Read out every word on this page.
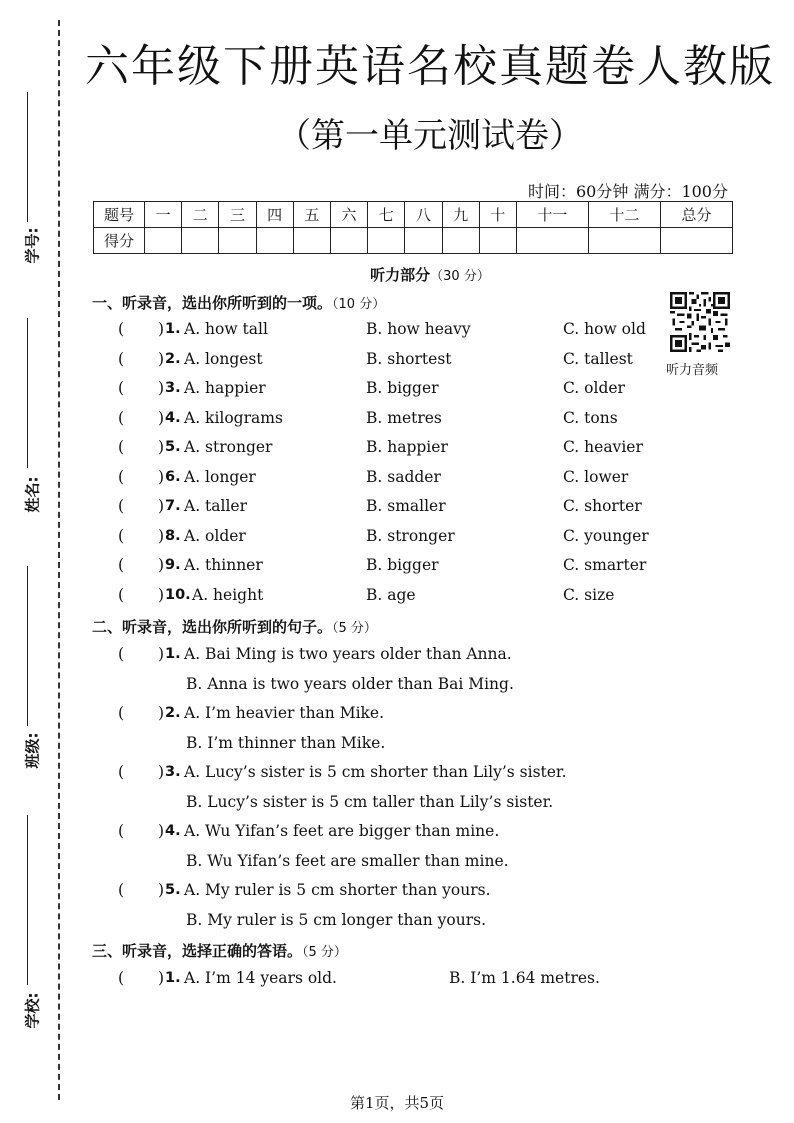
学号:
姓名:
班级:
学校:
六年级下册英语名校真题卷人教版
（第一单元测试卷）
时间：60分钟 满分：100分
题号	一	二	三	四	五	六	七	八	九	十	十一	十二	总分
得分													
听力部分（30 分）
听力音频
一、听录音，选出你所听到的一项。（10 分）
( ) 1. A. how tall	B. how heavy	C. how old
( ) 2. A. longest	B. shortest	C. tallest
( ) 3. A. happier	B. bigger	C. older
( ) 4. A. kilograms	B. metres	C. tons
( ) 5. A. stronger	B. happier	C. heavier
( ) 6. A. longer	B. sadder	C. lower
( ) 7. A. taller	B. smaller	C. shorter
( ) 8. A. older	B. stronger	C. younger
( ) 9. A. thinner	B. bigger	C. smarter
( ) 10. A. height	B. age	C. size
二、听录音，选出你所听到的句子。（5 分）
( ) 1. A. Bai Ming is two years older than Anna.
B. Anna is two years older than Bai Ming.
( ) 2. A. I’m heavier than Mike.
B. I’m thinner than Mike.
( ) 3. A. Lucy’s sister is 5 cm shorter than Lily’s sister.
B. Lucy’s sister is 5 cm taller than Lily’s sister.
( ) 4. A. Wu Yifan’s feet are bigger than mine.
B. Wu Yifan’s feet are smaller than mine.
( ) 5. A. My ruler is 5 cm shorter than yours.
B. My ruler is 5 cm longer than yours.
三、听录音，选择正确的答语。（5 分）
( ) 1. A. I’m 14 years old.	B. I’m 1.64 metres.
第1页，共5页
